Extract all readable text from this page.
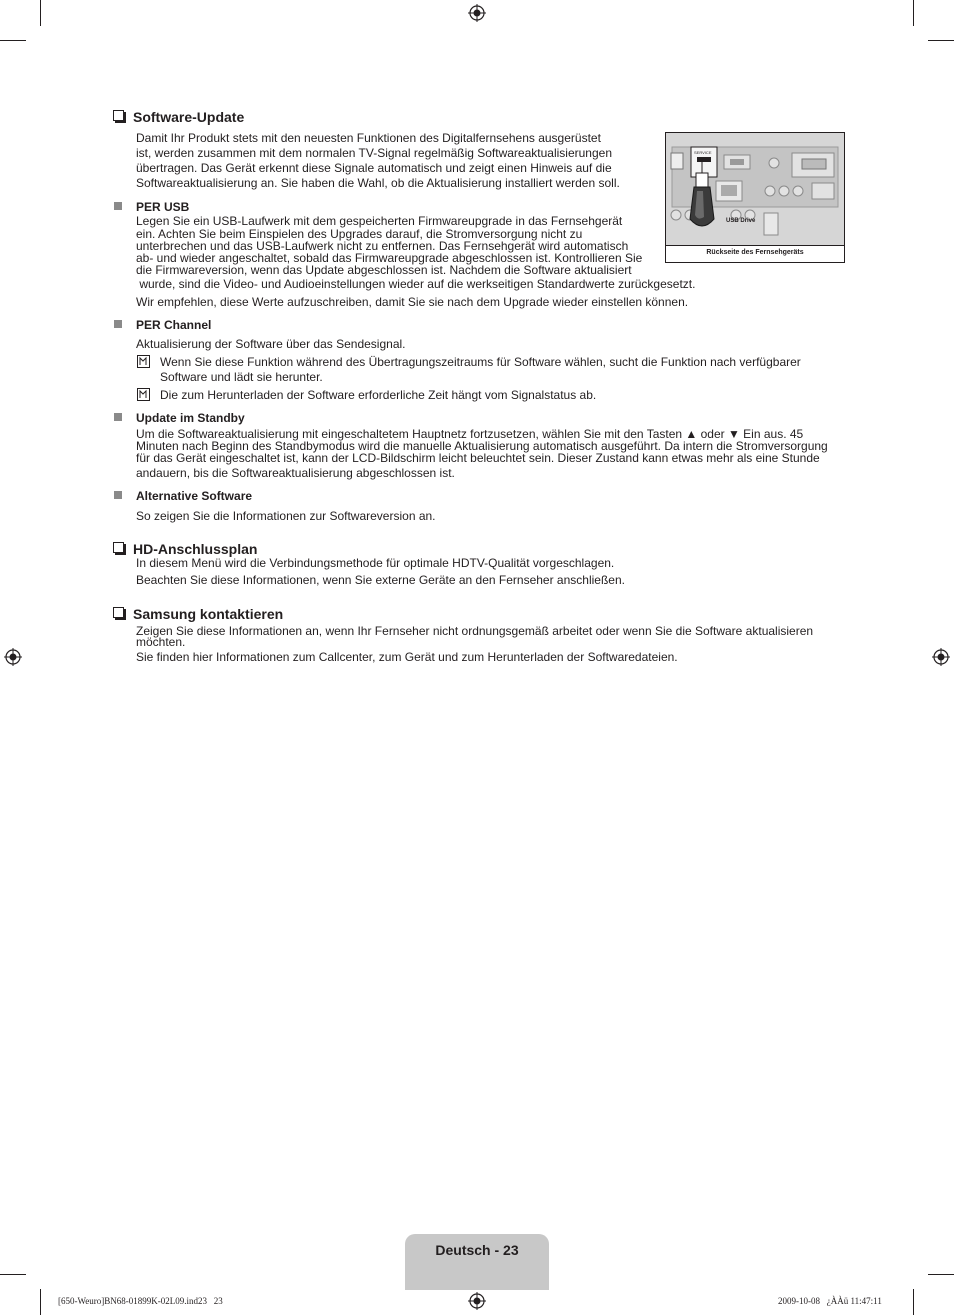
Software-Update
Damit Ihr Produkt stets mit den neuesten Funktionen des Digitalfernsehens ausgerüstet
ist, werden zusammen mit dem normalen TV-Signal regelmäßig Softwareaktualisierungen
übertragen. Das Gerät erkennt diese Signale automatisch und zeigt einen Hinweis auf die
Softwareaktualisierung an. Sie haben die Wahl, ob die Aktualisierung installiert werden soll.
PER USB
Legen Sie ein USB-Laufwerk mit dem gespeicherten Firmwareupgrade in das Fernsehgerät
ein. Achten Sie beim Einspielen des Upgrades darauf, die Stromversorgung nicht zu
unterbrechen und das USB-Laufwerk nicht zu entfernen. Das Fernsehgerät wird automatisch
ab- und wieder angeschaltet, sobald das Firmwareupgrade abgeschlossen ist. Kontrollieren Sie
die Firmwareversion, wenn das Update abgeschlossen ist. Nachdem die Software aktualisiert
wurde, sind die Video- und Audioeinstellungen wieder auf die werkseitigen Standardwerte zurückgesetzt.
Wir empfehlen, diese Werte aufzuschreiben, damit Sie sie nach dem Upgrade wieder einstellen können.
SERVICE
USB Drive
Rückseite des Fernsehgeräts
PER Channel
Aktualisierung der Software über das Sendesignal.
Wenn Sie diese Funktion während des Übertragungszeitraums für Software wählen, sucht die Funktion nach verfügbarer
Software und lädt sie herunter.
Die zum Herunterladen der Software erforderliche Zeit hängt vom Signalstatus ab.
Update im Standby
Um die Softwareaktualisierung mit eingeschaltetem Hauptnetz fortzusetzen, wählen Sie mit den Tasten ▲ oder ▼ Ein aus. 45
Minuten nach Beginn des Standbymodus wird die manuelle Aktualisierung automatisch ausgeführt. Da intern die Stromversorgung
für das Gerät eingeschaltet ist, kann der LCD-Bildschirm leicht beleuchtet sein. Dieser Zustand kann etwas mehr als eine Stunde
andauern, bis die Softwareaktualisierung abgeschlossen ist.
Alternative Software
So zeigen Sie die Informationen zur Softwareversion an.
HD-Anschlussplan
In diesem Menü wird die Verbindungsmethode für optimale HDTV-Qualität vorgeschlagen.
Beachten Sie diese Informationen, wenn Sie externe Geräte an den Fernseher anschließen.
Samsung kontaktieren
Zeigen Sie diese Informationen an, wenn Ihr Fernseher nicht ordnungsgemäß arbeitet oder wenn Sie die Software aktualisieren
möchten.
Sie finden hier Informationen zum Callcenter, zum Gerät und zum Herunterladen der Softwaredateien.
Deutsch - 23
[650-Weuro]BN68-01899K-02L09.ind23   23	2009-10-08   ¿ÀÀü 11:47:11
